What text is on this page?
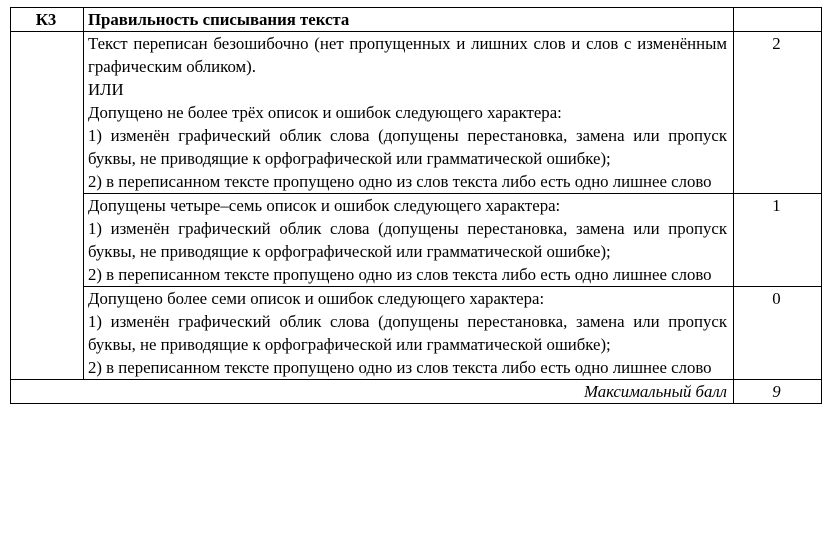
К3	Правильность списывания текста	

	Текст переписан безошибочно (нет пропущенных и лишних слов и слов с изменённым графическим обликом).

ИЛИ

Допущено не более трёх описок и ошибок следующего характера:

1) изменён графический облик слова (допущены перестановка, замена или пропуск буквы, не приводящие к орфографической или грамматической ошибке);

2) в переписанном тексте пропущено одно из слов текста либо есть одно лишнее слово	2

	Допущены четыре–семь описок и ошибок следующего характера:

1) изменён графический облик слова (допущены перестановка, замена или пропуск буквы, не приводящие к орфографической или грамматической ошибке);

2) в переписанном тексте пропущено одно из слов текста либо есть одно лишнее слово	1

	Допущено более семи описок и ошибок следующего характера:

1) изменён графический облик слова (допущены перестановка, замена или пропуск буквы, не приводящие к орфографической или грамматической ошибке);

2) в переписанном тексте пропущено одно из слов текста либо есть одно лишнее слово	0
Максимальный балл		9
